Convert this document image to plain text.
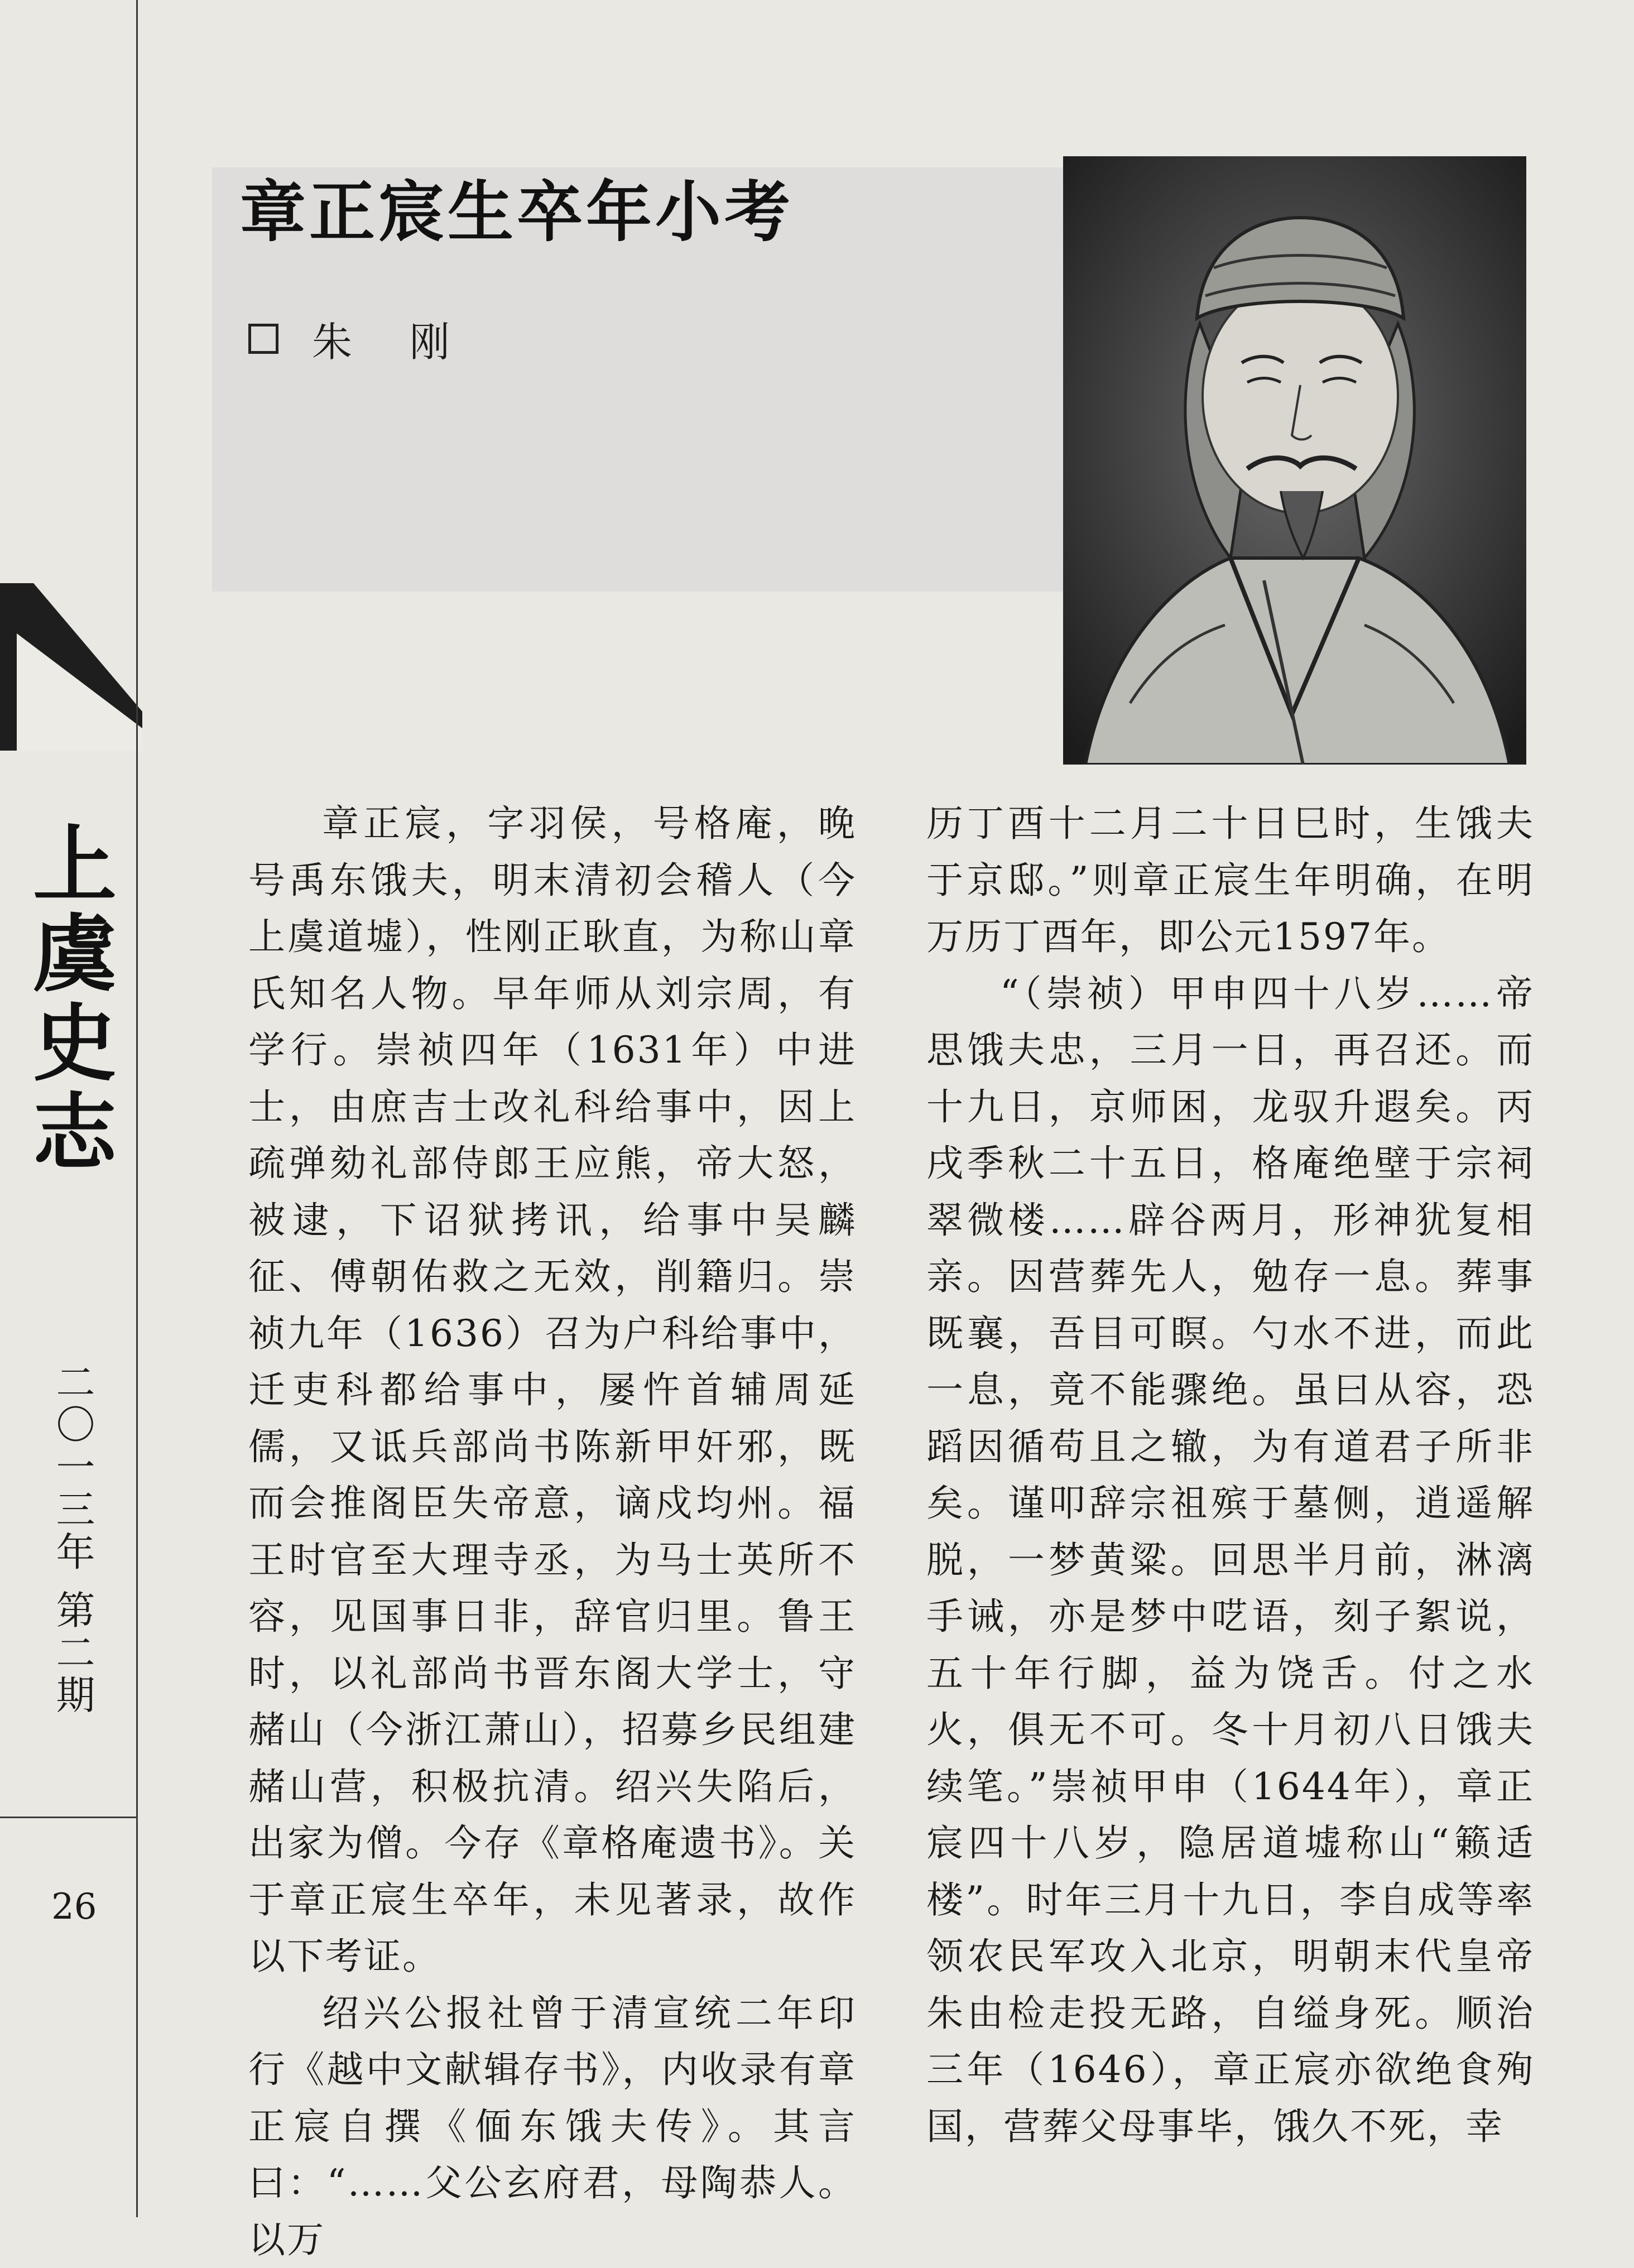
上虞史志
二〇一三年 第二期
26
章正宸生卒年小考
朱 刚

章正宸，字羽侯，号格庵，晚号禹东饿夫，明末清初会稽人（今上虞道墟），性刚正耿直，为称山章氏知名人物。早年师从刘宗周，有学行。崇祯四年（1631年）中进士，由庶吉士改礼科给事中，因上疏弹劾礼部侍郎王应熊，帝大怒，被逮，下诏狱拷讯，给事中吴麟征、傅朝佑救之无效，削籍归。崇祯九年（1636）召为户科给事中，迁吏科都给事中，屡忤首辅周延儒，又诋兵部尚书陈新甲奸邪，既而会推阁臣失帝意，谪戍均州。福王时官至大理寺丞，为马士英所不容，见国事日非，辞官归里。鲁王时，以礼部尚书晋东阁大学士，守赭山（今浙江萧山），招募乡民组建赭山营，积极抗清。绍兴失陷后，出家为僧。今存《章格庵遗书》。关于章正宸生卒年，未见著录，故作以下考证。

绍兴公报社曾于清宣统二年印行《越中文献辑存书》，内收录有章正宸自撰《偭东饿夫传》。其言曰：“……父公玄府君，母陶恭人。以万

历丁酉十二月二十日巳时，生饿夫于京邸。”则章正宸生年明确，在明万历丁酉年，即公元1597年。

“（崇祯）甲申四十八岁……帝思饿夫忠，三月一日，再召还。而十九日，京师困，龙驭升遐矣。丙戌季秋二十五日，格庵绝壁于宗祠翠微楼……辟谷两月，形神犹复相亲。因营葬先人，勉存一息。葬事既襄，吾目可瞑。勺水不进，而此一息，竟不能骤绝。虽曰从容，恐蹈因循苟且之辙，为有道君子所非矣。谨叩辞宗祖殡于墓侧，逍遥解脱，一梦黄粱。回思半月前，淋漓手诫，亦是梦中呓语，刻子絮说，五十年行脚，益为饶舌。付之水火，俱无不可。冬十月初八日饿夫续笔。”崇祯甲申（1644年），章正宸四十八岁，隐居道墟称山“籁适楼”。时年三月十九日，李自成等率领农民军攻入北京，明朝末代皇帝朱由检走投无路，自缢身死。顺治三年（1646），章正宸亦欲绝食殉国，营葬父母事毕，饿久不死，幸
